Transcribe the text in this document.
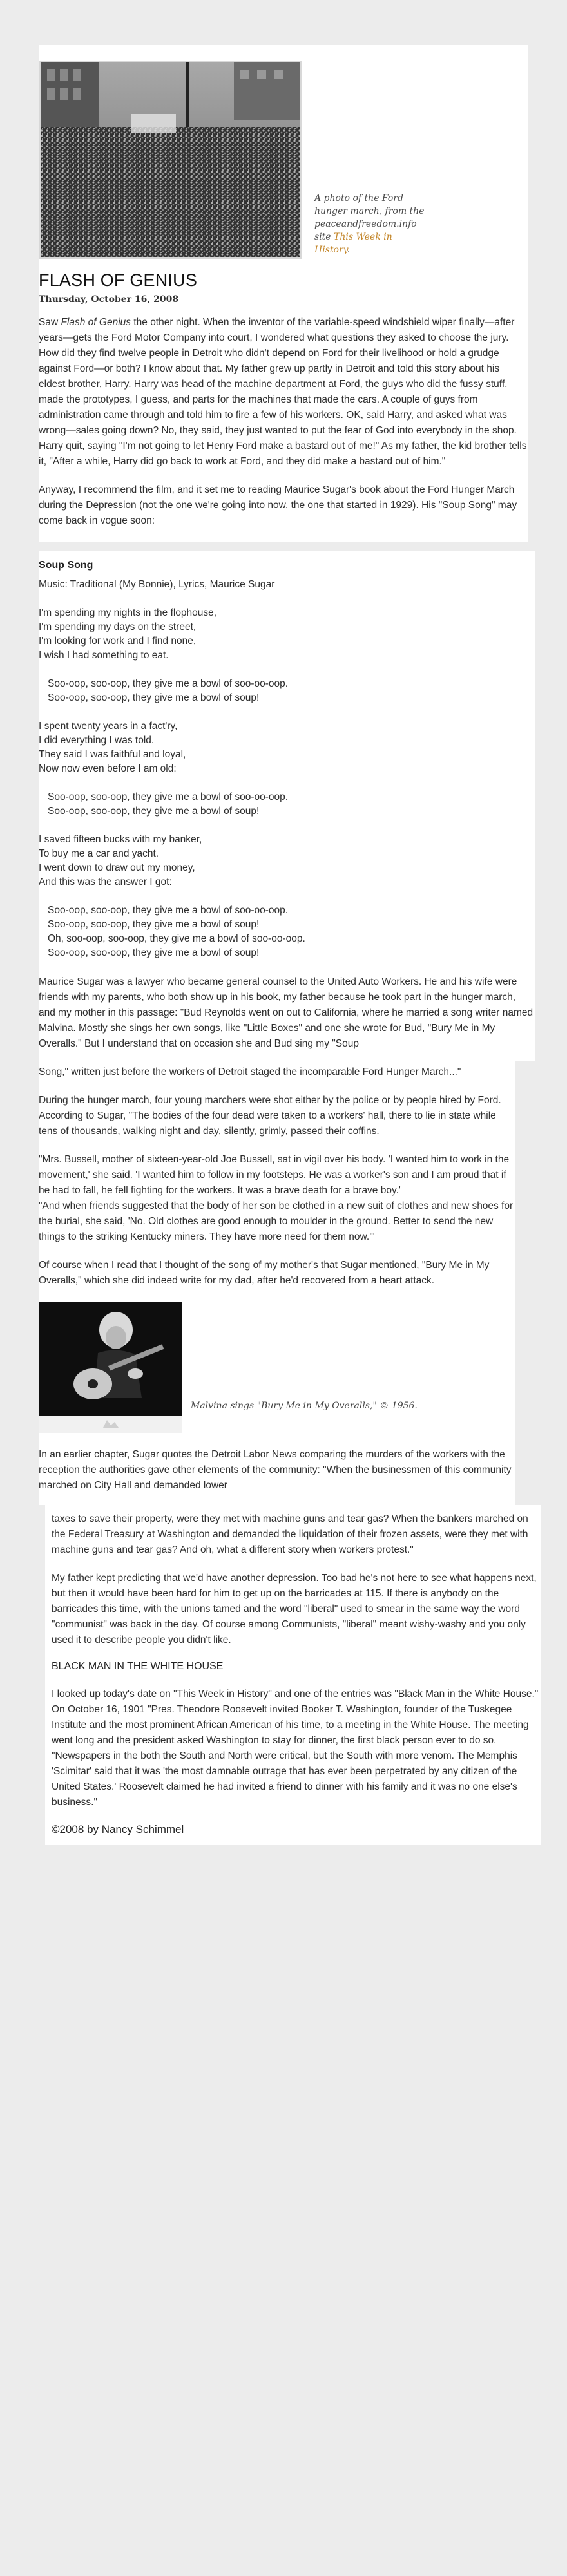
A photo of the Ford hunger march, from the peaceandfreedom.info site This Week in History.
FLASH OF GENIUS
Thursday, October 16, 2008

Saw Flash of Genius the other night. When the inventor of the variable-speed windshield wiper finally—after years—gets the Ford Motor Company into court, I wondered what questions they asked to choose the jury. How did they find twelve people in Detroit who didn't depend on Ford for their livelihood or hold a grudge against Ford—or both? I know about that. My father grew up partly in Detroit and told this story about his eldest brother, Harry. Harry was head of the machine department at Ford, the guys who did the fussy stuff, made the prototypes, I guess, and parts for the machines that made the cars. A couple of guys from administration came through and told him to fire a few of his workers. OK, said Harry, and asked what was wrong—sales going down? No, they said, they just wanted to put the fear of God into everybody in the shop. Harry quit, saying "I'm not going to let Henry Ford make a bastard out of me!" As my father, the kid brother tells it, "After a while, Harry did go back to work at Ford, and they did make a bastard out of him."

Anyway, I recommend the film, and it set me to reading Maurice Sugar's book about the Ford Hunger March during the Depression (not the one we're going into now, the one that started in 1929). His "Soup Song" may come back in vogue soon:

Soup Song

Music: Traditional (My Bonnie), Lyrics, Maurice Sugar

I'm spending my nights in the flophouse,

I'm spending my days on the street,

I'm looking for work and I find none,

I wish I had something to eat.

Soo-oop, soo-oop, they give me a bowl of soo-oo-oop.

Soo-oop, soo-oop, they give me a bowl of soup!

I spent twenty years in a fact'ry,

I did everything I was told.

They said I was faithful and loyal,

Now now even before I am old:

Soo-oop, soo-oop, they give me a bowl of soo-oo-oop.

Soo-oop, soo-oop, they give me a bowl of soup!

I saved fifteen bucks with my banker,

To buy me a car and yacht.

I went down to draw out my money,

And this was the answer I got:

Soo-oop, soo-oop, they give me a bowl of soo-oo-oop.

Soo-oop, soo-oop, they give me a bowl of soup!

Oh, soo-oop, soo-oop, they give me a bowl of soo-oo-oop.

Soo-oop, soo-oop, they give me a bowl of soup!

Maurice Sugar was a lawyer who became general counsel to the United Auto Workers. He and his wife were friends with my parents, who both show up in his book, my father because he took part in the hunger march, and my mother in this passage: "Bud Reynolds went on out to California, where he married a song writer named Malvina. Mostly she sings her own songs, like "Little Boxes" and one she wrote for Bud, "Bury Me in My Overalls." But I understand that on occasion she and Bud sing my "Soup

Song," written just before the workers of Detroit staged the incomparable Ford Hunger March..."

During the hunger march, four young marchers were shot either by the police or by people hired by Ford. According to Sugar, "The bodies of the four dead were taken to a workers' hall, there to lie in state while tens of thousands, walking night and day, silently, grimly, passed their coffins.

"Mrs. Bussell, mother of sixteen-year-old Joe Bussell, sat in vigil over his body. 'I wanted him to work in the movement,' she said. 'I wanted him to follow in my footsteps. He was a worker's son and I am proud that if he had to fall, he fell fighting for the workers. It was a brave death for a brave boy.'

"And when friends suggested that the body of her son be clothed in a new suit of clothes and new shoes for the burial, she said, 'No. Old clothes are good enough to moulder in the ground. Better to send the new things to the striking Kentucky miners. They have more need for them now.'"

Of course when I read that I thought of the song of my mother's that Sugar mentioned, "Bury Me in My Overalls," which she did indeed write for my dad, after he'd recovered from a heart attack.

Malvina sings "Bury Me in My Overalls," © 1956.

In an earlier chapter, Sugar quotes the Detroit Labor News comparing the murders of the workers with the reception the authorities gave other elements of the community: "When the businessmen of this community marched on City Hall and demanded lower

taxes to save their property, were they met with machine guns and tear gas? When the bankers marched on the Federal Treasury at Washington and demanded the liquidation of their frozen assets, were they met with machine guns and tear gas? And oh, what a different story when workers protest."

My father kept predicting that we'd have another depression. Too bad he's not here to see what happens next, but then it would have been hard for him to get up on the barricades at 115. If there is anybody on the barricades this time, with the unions tamed and the word "liberal" used to smear in the same way the word "communist" was back in the day. Of course among Communists, "liberal" meant wishy-washy and you only used it to describe people you didn't like.

BLACK MAN IN THE WHITE HOUSE

I looked up today's date on "This Week in History" and one of the entries was "Black Man in the White House." On October 16, 1901 "Pres. Theodore Roosevelt invited Booker T. Washington, founder of the Tuskegee Institute and the most prominent African American of his time, to a meeting in the White House. The meeting went long and the president asked Washington to stay for dinner, the first black person ever to do so.

"Newspapers in the both the South and North were critical, but the South with more venom. The Memphis 'Scimitar' said that it was 'the most damnable outrage that has ever been perpetrated by any citizen of the United States.' Roosevelt claimed he had invited a friend to dinner with his family and it was no one else's business."

©2008 by Nancy Schimmel
